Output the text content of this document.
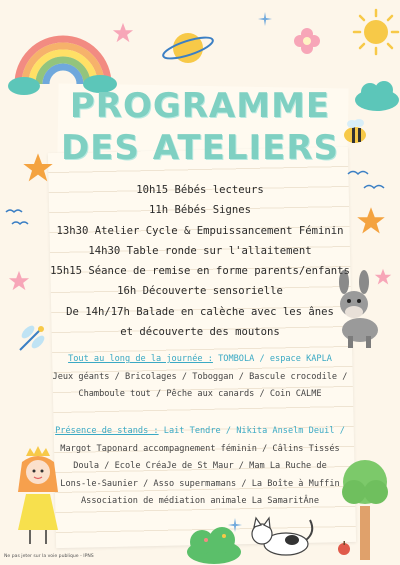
PROGRAMME
DES ATELIERS
10h15 Bébés lecteurs
11h Bébés Signes
13h30 Atelier Cycle & Empuissancement Féminin
14h30 Table ronde sur l'allaitement
15h15 Séance de remise en forme parents/enfants
16h Découverte sensorielle
De 14h/17h Balade en calèche avec les ânes
et découverte des moutons
Tout au long de la journée : TOMBOLA / espace KAPLA
Jeux géants / Bricolages / Toboggan / Bascule crocodile /
Chamboule tout / Pêche aux canards / Coin CALME
Présence de stands : Lait Tendre / Nikita Anselm Deuil /
Margot Taponard accompagnement féminin / Câlins Tissés
Doula / Ecole CréaJe de St Maur / Mam La Ruche de
Lons-le-Saunier / Asso supermamans / La Boîte à Muffin
Association de médiation animale La SamaritÂne
Ne pas jeter sur la voie publique - IPNS
